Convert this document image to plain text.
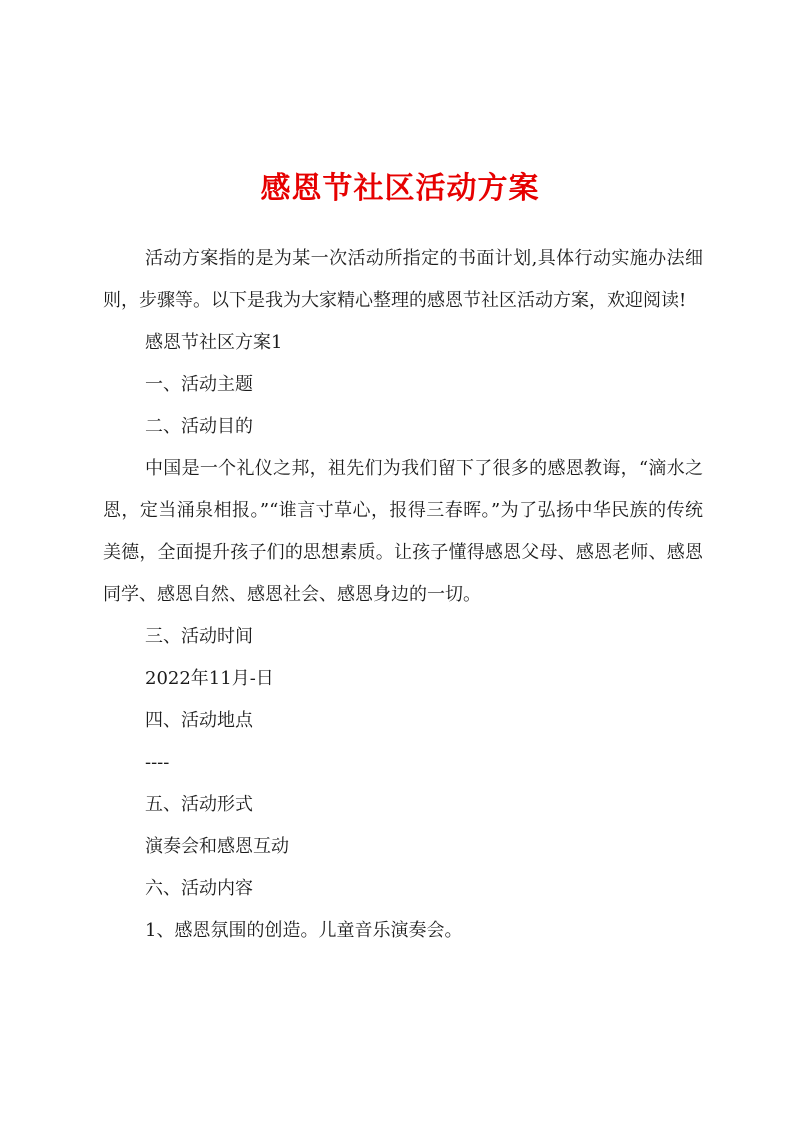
感恩节社区活动方案

活动方案指的是为某一次活动所指定的书面计划,具体行动实施办法细则，步骤等。以下是我为大家精心整理的感恩节社区活动方案，欢迎阅读!

感恩节社区方案1

一、活动主题

二、活动目的

中国是一个礼仪之邦，祖先们为我们留下了很多的感恩教诲，“滴水之恩，定当涌泉相报。”“谁言寸草心，报得三春晖。”为了弘扬中华民族的传统美德，全面提升孩子们的思想素质。让孩子懂得感恩父母、感恩老师、感恩同学、感恩自然、感恩社会、感恩身边的一切。

三、活动时间

2022年11月-日

四、活动地点

----

五、活动形式

演奏会和感恩互动

六、活动内容

1、感恩氛围的创造。儿童音乐演奏会。
